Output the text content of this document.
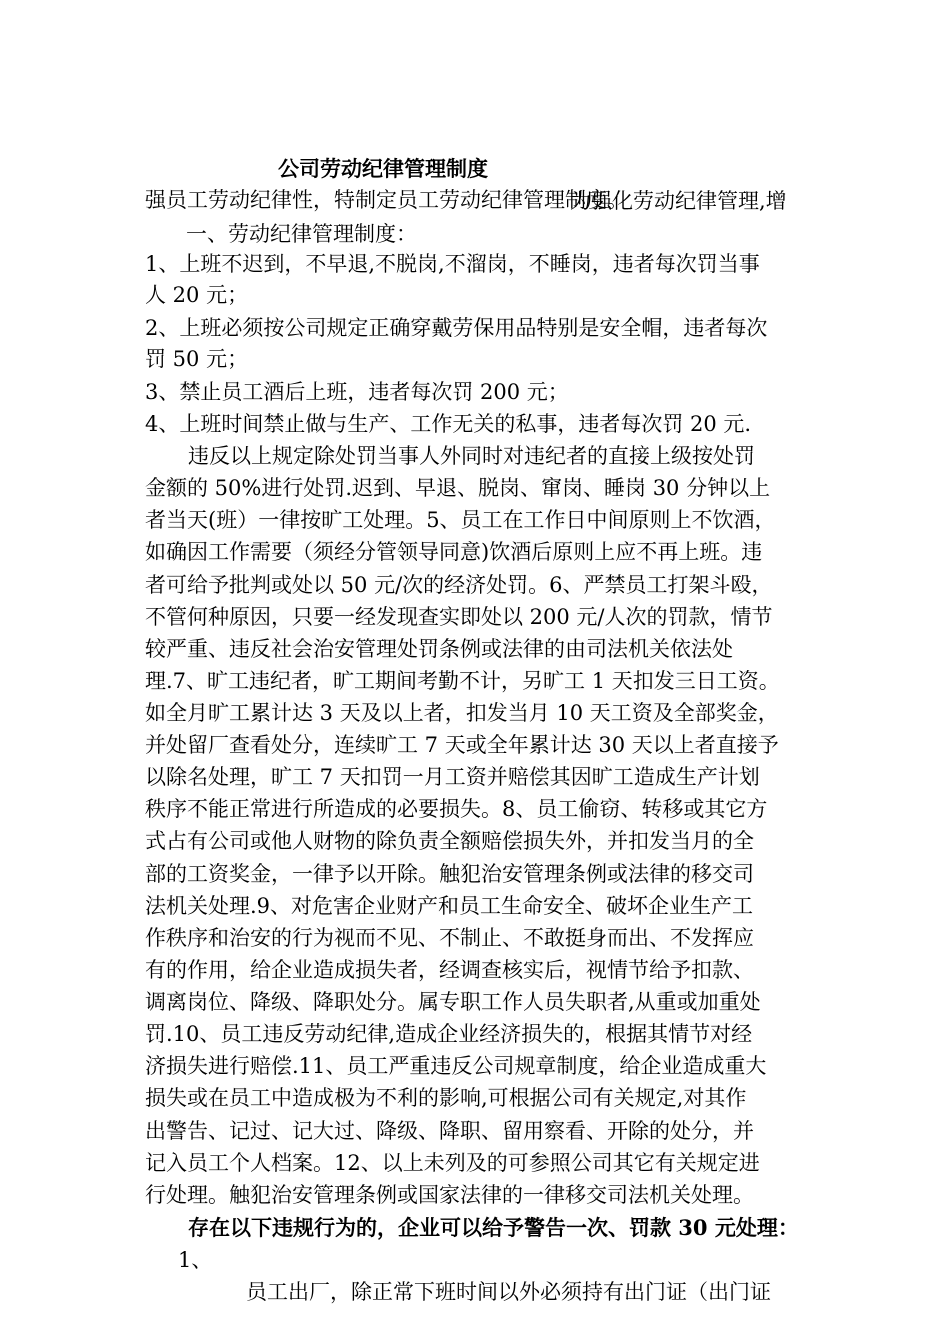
公司劳动纪律管理制度

为强化劳动纪律管理,增

强员工劳动纪律性，特制定员工劳动纪律管理制度。

一、劳动纪律管理制度：

1、上班不迟到，不早退,不脱岗,不溜岗，不睡岗，违者每次罚当事

人 20 元；

2、上班必须按公司规定正确穿戴劳保用品特别是安全帽，违者每次

罚 50 元；

3、禁止员工酒后上班，违者每次罚 200 元；

4、上班时间禁止做与生产、工作无关的私事，违者每次罚 20 元.

违反以上规定除处罚当事人外同时对违纪者的直接上级按处罚

金额的 50%进行处罚.迟到、早退、脱岗、窜岗、睡岗 30 分钟以上

者当天(班）一律按旷工处理。5、员工在工作日中间原则上不饮酒，

如确因工作需要（须经分管领导同意)饮酒后原则上应不再上班。违

者可给予批判或处以 50 元/次的经济处罚。6、严禁员工打架斗殴，

不管何种原因，只要一经发现查实即处以 200 元/人次的罚款，情节

较严重、违反社会治安管理处罚条例或法律的由司法机关依法处

理.7、旷工违纪者，旷工期间考勤不计，另旷工 1 天扣发三日工资。

如全月旷工累计达 3 天及以上者，扣发当月 10 天工资及全部奖金，

并处留厂查看处分，连续旷工 7 天或全年累计达 30 天以上者直接予

以除名处理，旷工 7 天扣罚一月工资并赔偿其因旷工造成生产计划

秩序不能正常进行所造成的必要损失。8、员工偷窃、转移或其它方

式占有公司或他人财物的除负责全额赔偿损失外，并扣发当月的全

部的工资奖金，一律予以开除。触犯治安管理条例或法律的移交司

法机关处理.9、对危害企业财产和员工生命安全、破坏企业生产工

作秩序和治安的行为视而不见、不制止、不敢挺身而出、不发挥应

有的作用，给企业造成损失者，经调查核实后，视情节给予扣款、

调离岗位、降级、降职处分。属专职工作人员失职者,从重或加重处

罚.10、员工违反劳动纪律,造成企业经济损失的，根据其情节对经

济损失进行赔偿.11、员工严重违反公司规章制度，给企业造成重大

损失或在员工中造成极为不利的影响,可根据公司有关规定,对其作

出警告、记过、记大过、降级、降职、留用察看、开除的处分，并

记入员工个人档案。12、以上未列及的可参照公司其它有关规定进

行处理。触犯治安管理条例或国家法律的一律移交司法机关处理。

存在以下违规行为的，企业可以给予警告一次、罚款 30 元处理：

1、

员工出厂，除正常下班时间以外必须持有出门证（出门证
